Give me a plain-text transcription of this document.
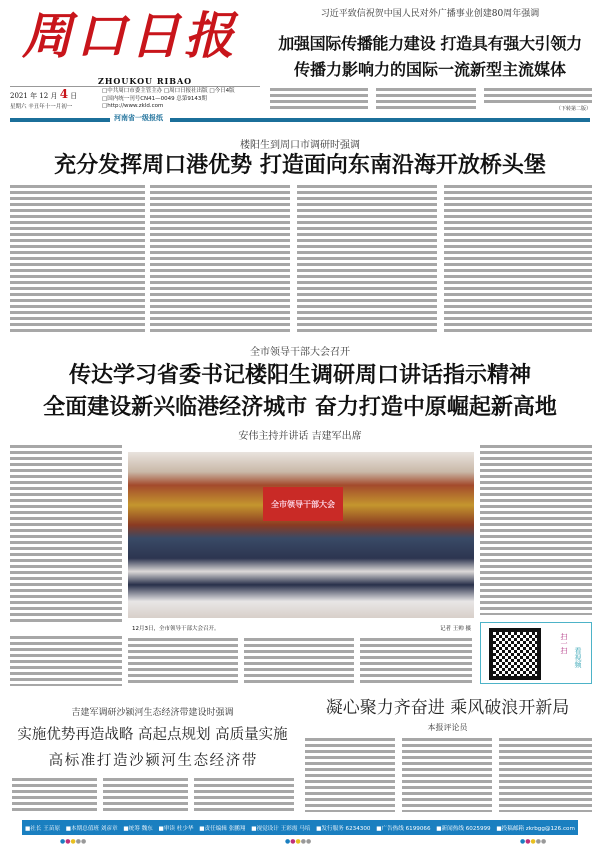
周口日报
ZHOUKOU RIBAO
2021 年 12 月 4 日
星期六 辛丑年十一月初一
□中共周口市委主管主办 □周口日报社出版 □今日4版
□国内统一刊号CN41—0049 总第9143期
□http://www.zkld.com
河南省一级报纸
习近平致信祝贺中国人民对外广播事业创建80周年强调
加强国际传播能力建设 打造具有强大引领力
传播力影响力的国际一流新型主流媒体
（下转第二版）
楼阳生到周口市调研时强调
充分发挥周口港优势 打造面向东南沿海开放桥头堡
全市领导干部大会召开
传达学习省委书记楼阳生调研周口讲话指示精神
全面建设新兴临港经济城市 奋力打造中原崛起新高地
安伟主持并讲话 吉建军出席
全市领导干部大会
12月3日，全市领导干部大会召开。	记者 王帅 摄
扫一扫
看视频
吉建军调研沙颍河生态经济带建设时强调
实施优势再造战略 高起点规划 高质量实施
高 标 准 打 造 沙 颍 河 生 态 经 济 带
凝心聚力齐奋进 乘风破浪开新局
本报评论员
■社长 王苗原 ■本期总值班 刘彦章 ■统筹 魏东 ■审读 杜少华 ■责任编辑 张鹏翔 ■视觉设计 王彩霞 马培 ■发行服务 6234300 ■广告热线 6199066 ■新闻热线 6025999 ■投稿邮箱 zkrbgg@126.com
●●●●●	●●●●●	●●●●●
